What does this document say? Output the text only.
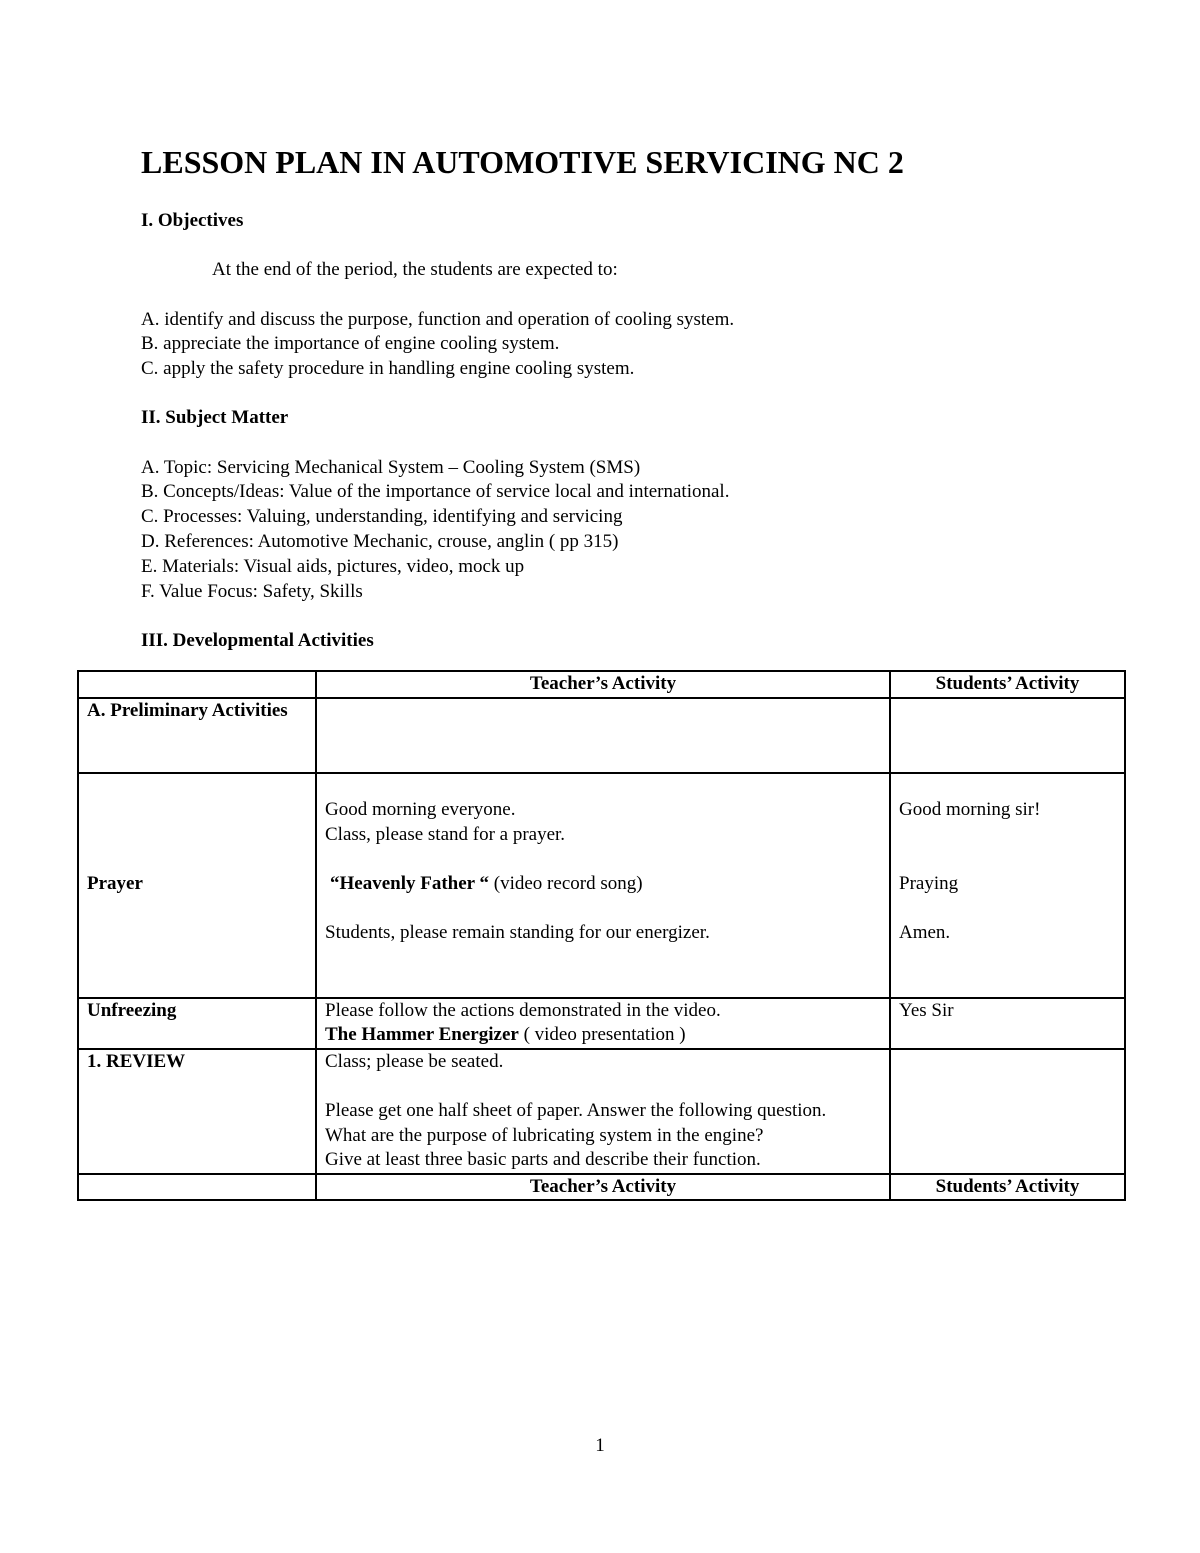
LESSON PLAN IN AUTOMOTIVE SERVICING NC 2
I. Objectives
At the end of the period, the students are expected to:
A. identify and discuss the purpose, function and operation of cooling system.
B. appreciate the importance of engine cooling system.
C. apply the safety procedure in handling engine cooling system.
II. Subject Matter
A. Topic: Servicing Mechanical System – Cooling System (SMS)
B. Concepts/Ideas: Value of the importance of service local and international.
C. Processes: Valuing, understanding, identifying and servicing
D. References: Automotive Mechanic, crouse, anglin ( pp 315)
E. Materials: Visual aids, pictures, video, mock up
F. Value Focus: Safety, Skills
III. Developmental Activities
	Teacher’s Activity	Students’ Activity
A. Preliminary Activities		

Prayer	Good morning everyone.
Class, please stand for a prayer.
“Heavenly Father “ (video record song)
Students, please remain standing for our energizer.	Good morning sir!
Praying
Amen.

Unfreezing	Please follow the actions demonstrated in the video.
The Hammer Energizer ( video presentation )	Yes Sir
1. REVIEW	Class; please be seated.
Please get one half sheet of paper. Answer the following question.
What are the purpose of lubricating system in the engine?
Give at least three basic parts and describe their function.	

	Teacher’s Activity	Students’ Activity
1
